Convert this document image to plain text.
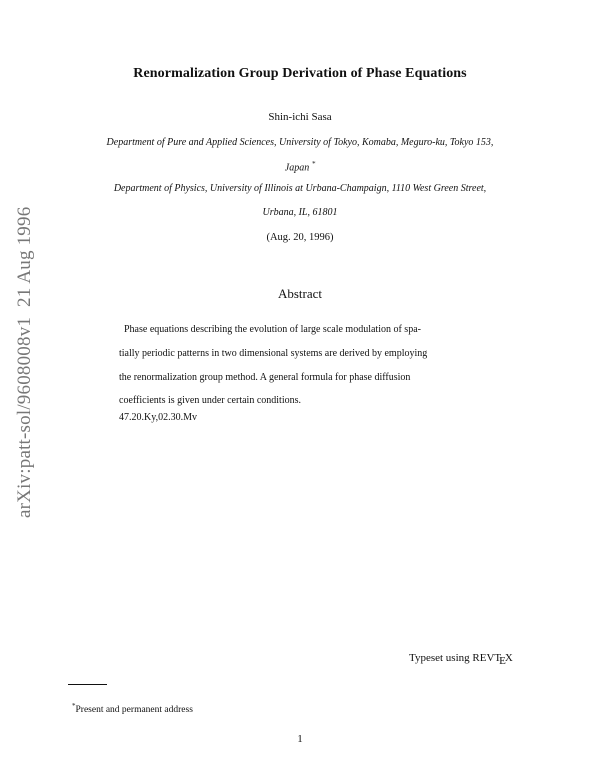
arXiv:patt-sol/9608008v1  21 Aug 1996
Renormalization Group Derivation of Phase Equations
Shin-ichi Sasa
Department of Pure and Applied Sciences, University of Tokyo, Komaba, Meguro-ku, Tokyo 153,
Japan *
Department of Physics, University of Illinois at Urbana-Champaign, 1110 West Green Street,
Urbana, IL, 61801
(Aug. 20, 1996)
Abstract
Phase equations describing the evolution of large scale modulation of spa-
tially periodic patterns in two dimensional systems are derived by employing
the renormalization group method. A general formula for phase diffusion
coefficients is given under certain conditions.
47.20.Ky,02.30.Mv
Typeset using REVTEX
*Present and permanent address
1
